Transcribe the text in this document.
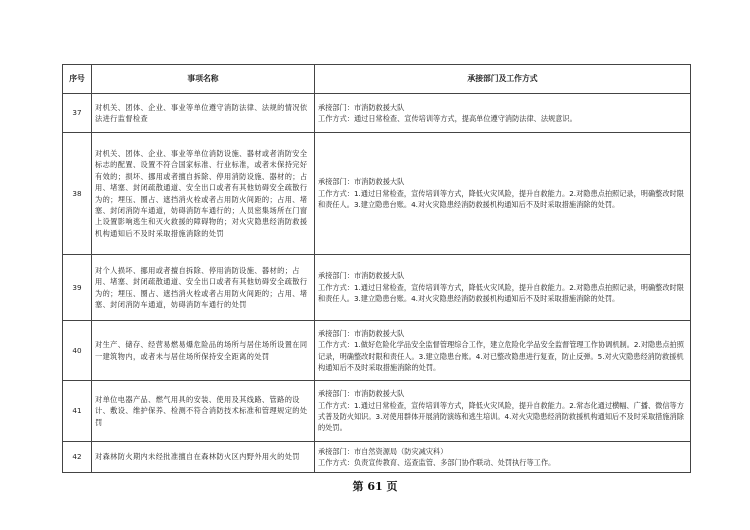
序号	事项名称	承接部门及工作方式
37	对机关、团体、企业、事业等单位遵守消防法律、法规的情况依法进行监督检查	承接部门：市消防救援大队
工作方式：通过日常检查、宣传培训等方式，提高单位遵守消防法律、法规意识。

38	对机关、团体、企业、事业等单位消防设施、器材或者消防安全标志的配置、设置不符合国家标准、行业标准，或者未保持完好有效的；损坏、挪用或者擅自拆除、停用消防设施、器材的；占用、堵塞、封闭疏散通道、安全出口或者有其他妨碍安全疏散行为的；埋压、圈占、遮挡消火栓或者占用防火间距的；占用、堵塞、封闭消防车通道，妨碍消防车通行的；人员密集场所在门窗上设置影响逃生和灭火救援的障碍物的；对火灾隐患经消防救援机构通知后不及时采取措施消除的处罚	承接部门：市消防救援大队
工作方式：1.通过日常检查，宣传培训等方式，降低火灾风险，提升自救能力。2.对隐患点拍照记录，明确整改时限和责任人。3.建立隐患台账。4.对火灾隐患经消防救援机构通知后不及时采取措施消除的处罚。

39	对个人损坏、挪用或者擅自拆除、停用消防设施、器材的；占用、堵塞、封闭疏散通道、安全出口或者有其他妨碍安全疏散行为的；埋压、圈占、遮挡消火栓或者占用防火间距的；占用、堵塞、封闭消防车通道，妨碍消防车通行的处罚	承接部门：市消防救援大队
工作方式：1.通过日常检查，宣传培训等方式，降低火灾风险，提升自救能力。2.对隐患点拍照记录，明确整改时限和责任人。3.建立隐患台账。4.对火灾隐患经消防救援机构通知后不及时采取措施消除的处罚。

40	对生产、储存、经营易燃易爆危险品的场所与居住场所设置在同一建筑物内，或者未与居住场所保持安全距离的处罚	承接部门：市消防救援大队
工作方式：1.做好危险化学品安全监督管理综合工作，建立危险化学品安全监督管理工作协调机制。2.对隐患点拍照记录，明确整改时限和责任人。3.建立隐患台账。4.对已整改隐患进行复查，防止反弹。5.对火灾隐患经消防救援机构通知后不及时采取措施消除的处罚。

41	对单位电器产品、燃气用具的安装、使用及其线路、管路的设计、敷设、维护保养、检测不符合消防技术标准和管理规定的处罚	承接部门：市消防救援大队
工作方式：1.通过日常检查，宣传培训等方式，降低火灾风险，提升自救能力。2.常态化通过横幅、广播、微信等方式普及防火知识。3.对使用群体开展消防演练和逃生培训。4.对火灾隐患经消防救援机构通知后不及时采取措施消除的处罚。

42	对森林防火期内未经批准擅自在森林防火区内野外用火的处罚	承接部门：市自然资源局（防灾减灾科）
工作方式：负责宣传教育、巡查监管、多部门协作联动、处罚执行等工作。
第 61 页
